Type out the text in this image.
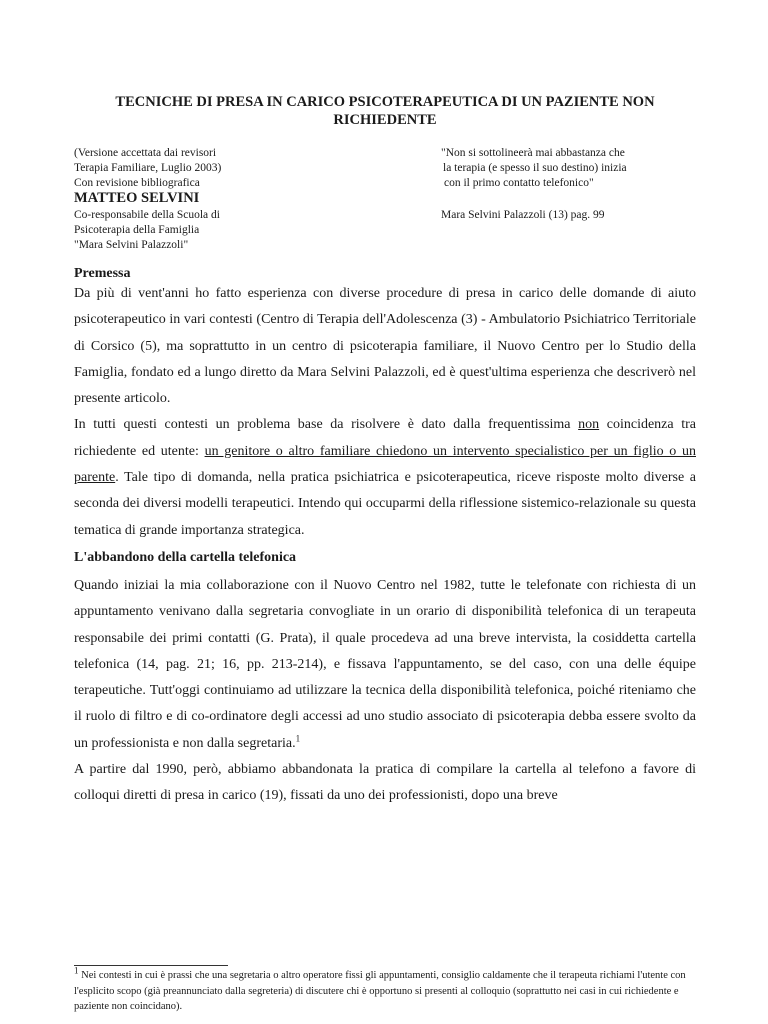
TECNICHE DI PRESA IN CARICO PSICOTERAPEUTICA DI UN PAZIENTE NON
RICHIEDENTE
(Versione accettata dai revisori
Terapia Familiare, Luglio 2003)
Con revisione bibliografica
"Non si sottolineerà mai abbastanza che
la terapia (e spesso il suo destino) inizia
con il primo contatto telefonico"
MATTEO SELVINI
Co-responsabile della Scuola di
Psicoterapia della Famiglia
"Mara Selvini Palazzoli"
Mara Selvini Palazzoli (13) pag. 99
Premessa

Da più di vent'anni ho fatto esperienza con diverse procedure di presa in carico delle domande di aiuto psicoterapeutico in vari contesti (Centro di Terapia dell'Adolescenza (3) - Ambulatorio Psichiatrico Territoriale di Corsico (5), ma soprattutto in un centro di psicoterapia familiare, il Nuovo Centro per lo Studio della Famiglia, fondato ed a lungo diretto da Mara Selvini Palazzoli, ed è quest'ultima esperienza che descriverò nel presente articolo.

In tutti questi contesti un problema base da risolvere è dato dalla frequentissima non coincidenza tra richiedente ed utente: un genitore o altro familiare chiedono un intervento specialistico per un figlio o un parente. Tale tipo di domanda, nella pratica psichiatrica e psicoterapeutica, riceve risposte molto diverse a seconda dei diversi modelli terapeutici. Intendo qui occuparmi della riflessione sistemico-relazionale su questa tematica di grande importanza strategica.

L'abbandono della cartella telefonica

Quando iniziai la mia collaborazione con il Nuovo Centro nel 1982, tutte le telefonate con richiesta di un appuntamento venivano dalla segretaria convogliate in un orario di disponibilità telefonica di un terapeuta responsabile dei primi contatti (G. Prata), il quale procedeva ad una breve intervista, la cosiddetta cartella telefonica (14, pag. 21; 16, pp. 213-214), e fissava l'appuntamento, se del caso, con una delle équipe terapeutiche. Tutt'oggi continuiamo ad utilizzare la tecnica della disponibilità telefonica, poiché riteniamo che il ruolo di filtro e di co-ordinatore degli accessi ad uno studio associato di psicoterapia debba essere svolto da un professionista e non dalla segretaria.$^1$

A partire dal 1990, però, abbiamo abbandonata la pratica di compilare la cartella al telefono a favore di colloqui diretti di presa in carico (19), fissati da uno dei professionisti, dopo una breve

$^1$ Nei contesti in cui è prassi che una segretaria o altro operatore fissi gli appuntamenti, consiglio caldamente che il terapeuta richiami l'utente con l'esplicito scopo (già preannunciato dalla segreteria) di discutere chi è opportuno si presenti al colloquio (soprattutto nei casi in cui richiedente e paziente non coincidano).
